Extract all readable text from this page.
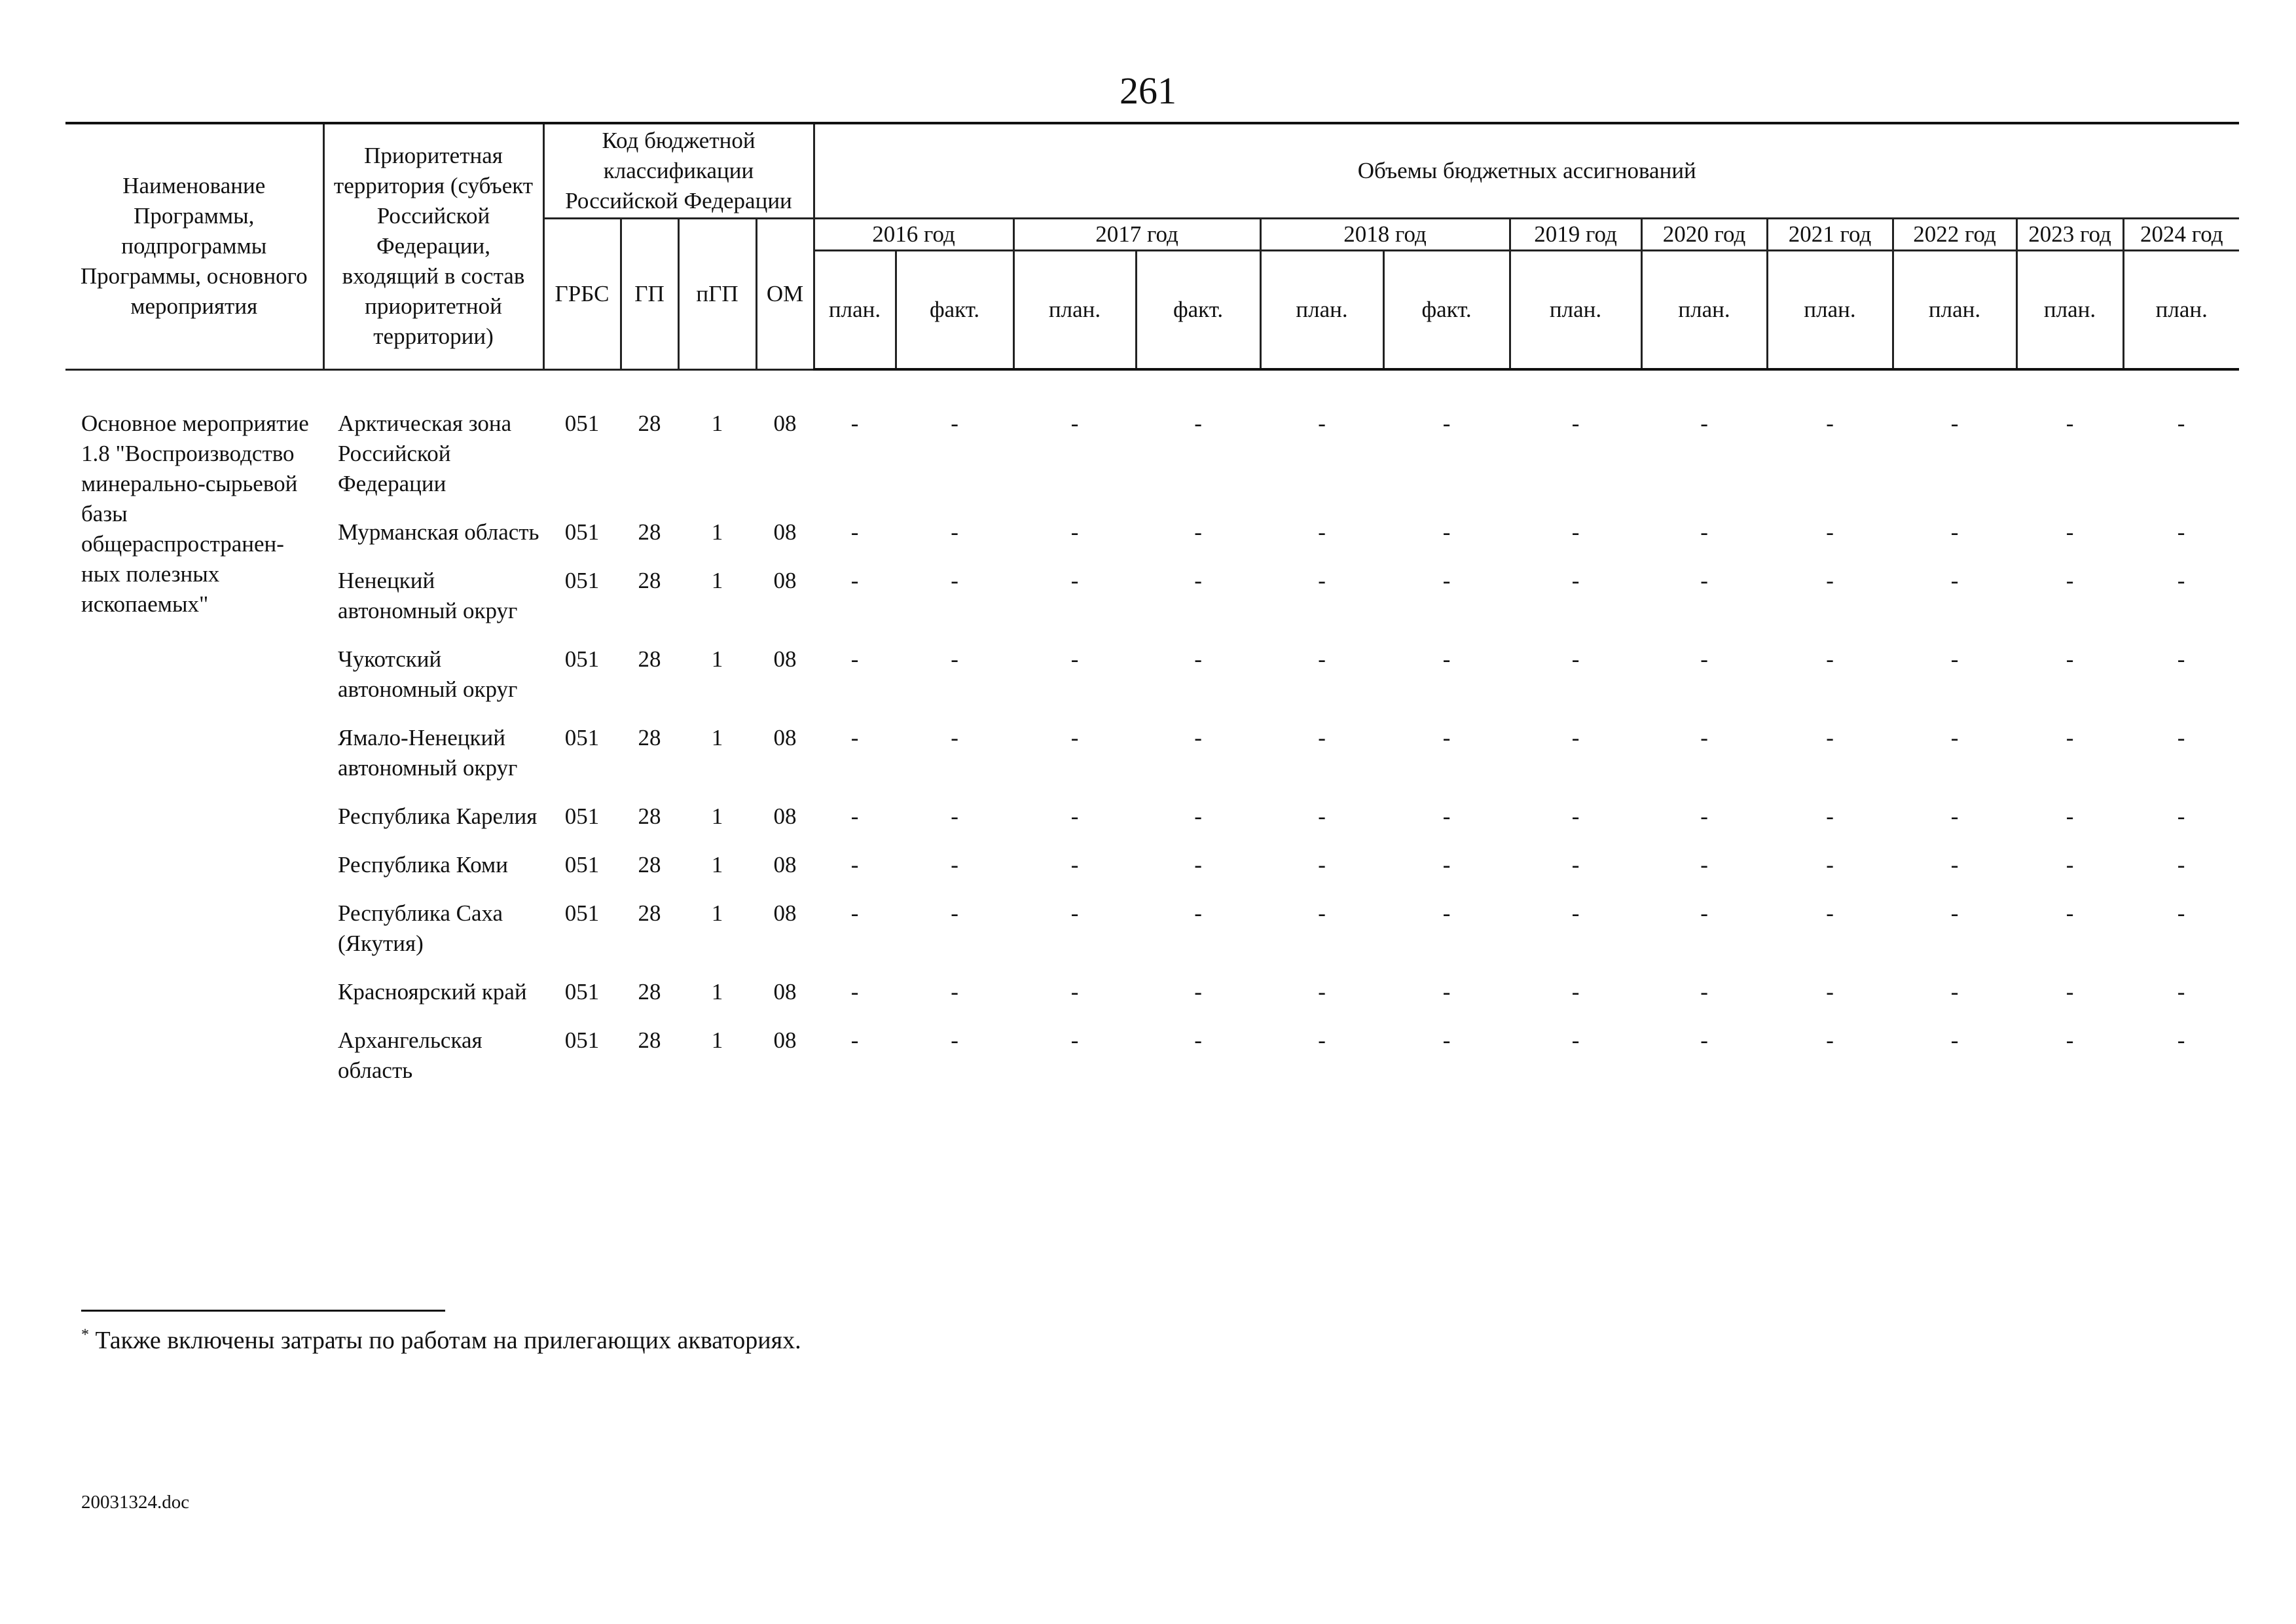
261
Наименование Программы, подпрограммы Программы, основного мероприятия	Приоритетная территория (субъект Российской Федерации, входящий в состав приоритетной территории)	Код бюджетной классификации Российской Федерации				Объемы бюджетных ассигнований											
		ГРБС	ГП	пГП	ОМ	2016 год		2017 год		2018 год		2019 год	2020 год	2021 год	2022 год	2023 год	2024 год
						план.	факт.	план.	факт.	план.	факт.	план.	план.	план.	план.	план.	план.

Основное мероприятие 1.8 "Воспроизводство минерально-сырьевой базы общераспространен-ных полезных ископаемых"	Арктическая зона Российской Федерации	051	28	1	08	-	-	-	-	-	-	-	-	-	-	-	-
	Мурманская область	051	28	1	08	-	-	-	-	-	-	-	-	-	-	-	-
	Ненецкий автономный округ	051	28	1	08	-	-	-	-	-	-	-	-	-	-	-	-
	Чукотский автономный округ	051	28	1	08	-	-	-	-	-	-	-	-	-	-	-	-
	Ямало-Ненецкий автономный округ	051	28	1	08	-	-	-	-	-	-	-	-	-	-	-	-
	Республика Карелия	051	28	1	08	-	-	-	-	-	-	-	-	-	-	-	-
	Республика Коми	051	28	1	08	-	-	-	-	-	-	-	-	-	-	-	-
	Республика Саха (Якутия)	051	28	1	08	-	-	-	-	-	-	-	-	-	-	-	-
	Красноярский край	051	28	1	08	-	-	-	-	-	-	-	-	-	-	-	-
	Архангельская область	051	28	1	08	-	-	-	-	-	-	-	-	-	-	-	-
* Также включены затраты по работам на прилегающих акваториях.
20031324.doc
